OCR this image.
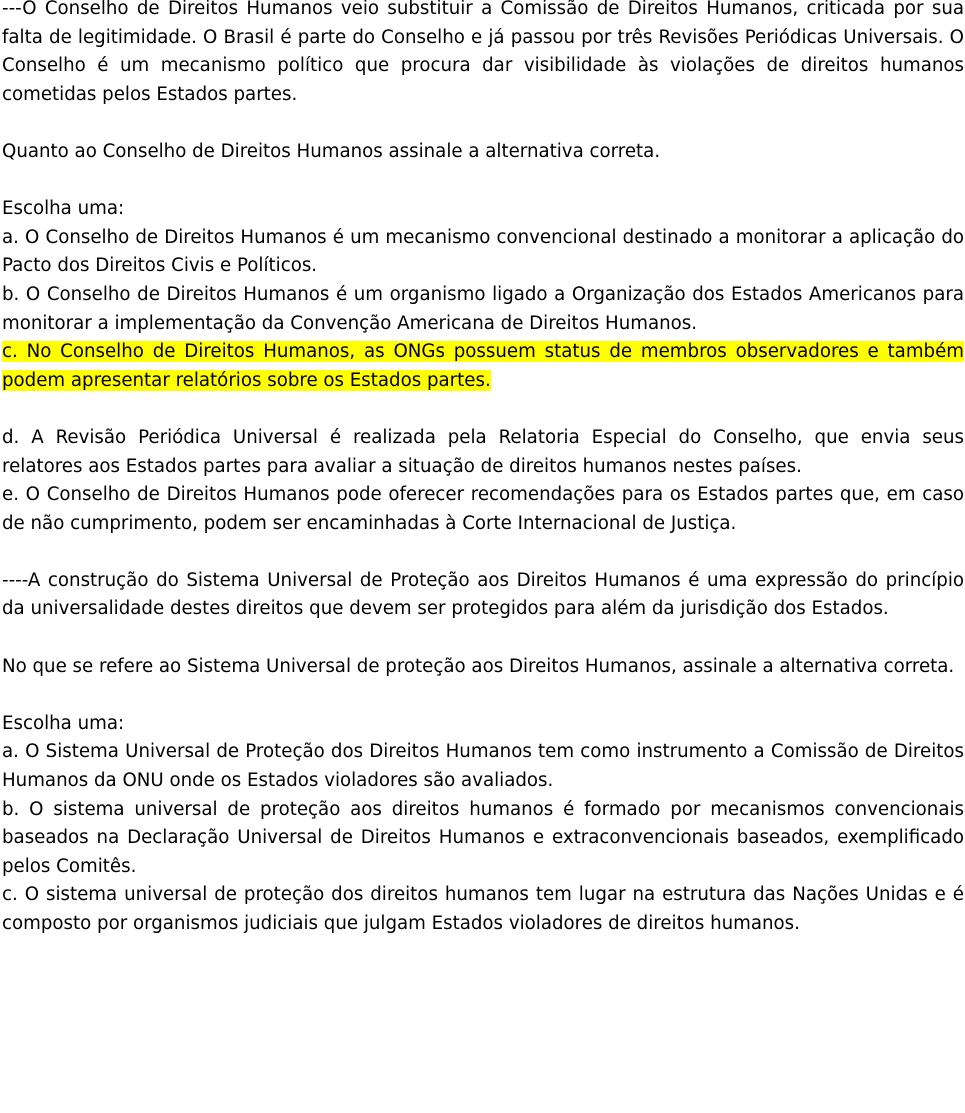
---O Conselho de Direitos Humanos veio substituir a Comissão de Direitos Humanos, criticada por sua falta de legitimidade. O Brasil é parte do Conselho e já passou por três Revisões Periódicas Universais. O Conselho é um mecanismo político que procura dar visibilidade às violações de direitos humanos cometidas pelos Estados partes.

Quanto ao Conselho de Direitos Humanos assinale a alternativa correta.

Escolha uma:

a. O Conselho de Direitos Humanos é um mecanismo convencional destinado a monitorar a aplicação do Pacto dos Direitos Civis e Políticos.

b. O Conselho de Direitos Humanos é um organismo ligado a Organização dos Estados Americanos para monitorar a implementação da Convenção Americana de Direitos Humanos.

c. No Conselho de Direitos Humanos, as ONGs possuem status de membros observadores e também podem apresentar relatórios sobre os Estados partes.

d. A Revisão Periódica Universal é realizada pela Relatoria Especial do Conselho, que envia seus relatores aos Estados partes para avaliar a situação de direitos humanos nestes países.

e. O Conselho de Direitos Humanos pode oferecer recomendações para os Estados partes que, em caso de não cumprimento, podem ser encaminhadas à Corte Internacional de Justiça.

----A construção do Sistema Universal de Proteção aos Direitos Humanos é uma expressão do princípio da universalidade destes direitos que devem ser protegidos para além da jurisdição dos Estados.

No que se refere ao Sistema Universal de proteção aos Direitos Humanos, assinale a alternativa correta.

Escolha uma:

a. O Sistema Universal de Proteção dos Direitos Humanos tem como instrumento a Comissão de Direitos Humanos da ONU onde os Estados violadores são avaliados.

b. O sistema universal de proteção aos direitos humanos é formado por mecanismos convencionais baseados na Declaração Universal de Direitos Humanos e extraconvencionais baseados, exemplificado pelos Comitês.

c. O sistema universal de proteção dos direitos humanos tem lugar na estrutura das Nações Unidas e é composto por organismos judiciais que julgam Estados violadores de direitos humanos.
